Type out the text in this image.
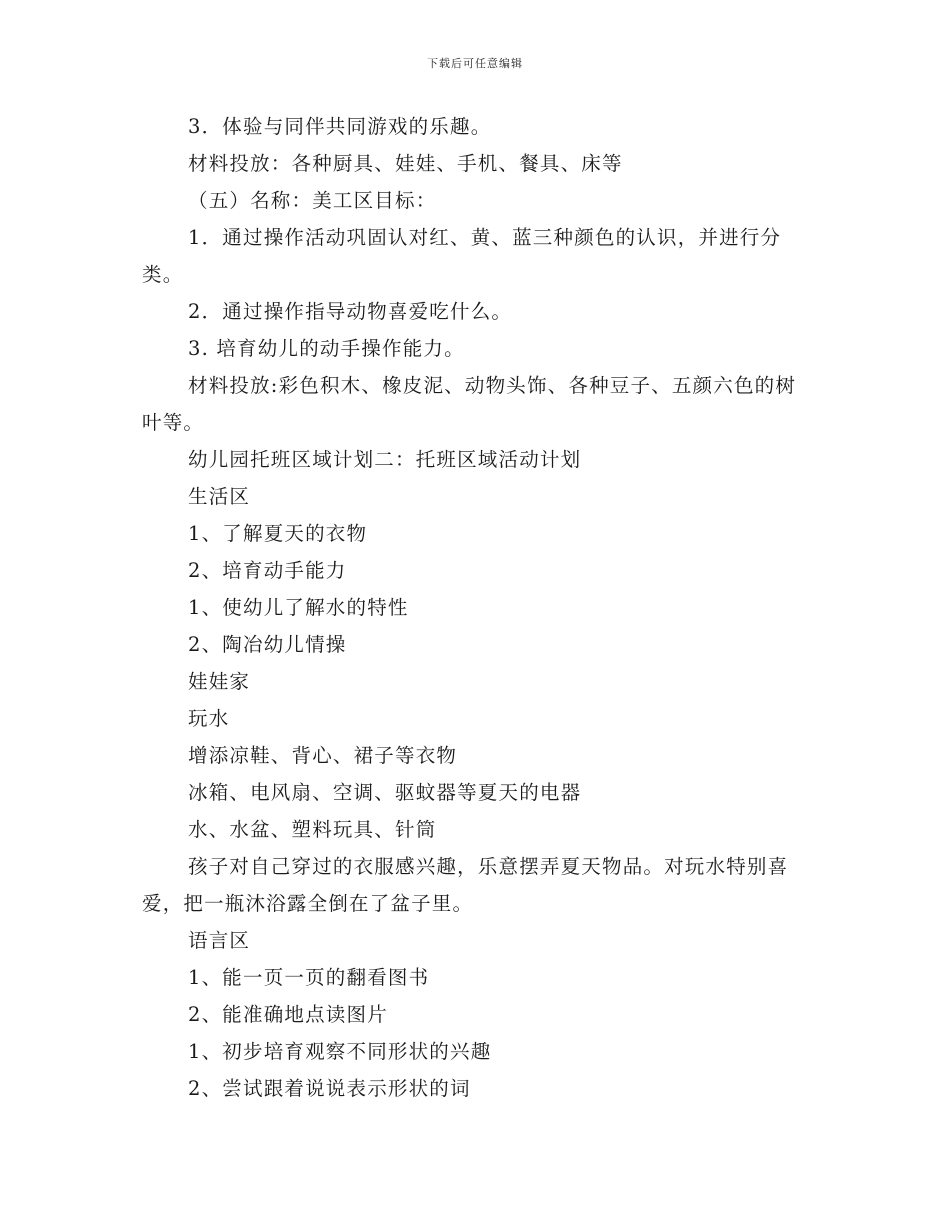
下载后可任意编辑

3．体验与同伴共同游戏的乐趣。

材料投放：各种厨具、娃娃、手机、餐具、床等

（五）名称：美工区目标：

1．通过操作活动巩固认对红、黄、蓝三种颜色的认识，并进行分类。

2．通过操作指导动物喜爱吃什么。

3. 培育幼儿的动手操作能力。

材料投放:彩色积木、橡皮泥、动物头饰、各种豆子、五颜六色的树叶等。

幼儿园托班区域计划二：托班区域活动计划

生活区

1、了解夏天的衣物

2、培育动手能力

1、使幼儿了解水的特性

2、陶冶幼儿情操

娃娃家

玩水

增添凉鞋、背心、裙子等衣物

冰箱、电风扇、空调、驱蚊器等夏天的电器

水、水盆、塑料玩具、针筒

孩子对自己穿过的衣服感兴趣，乐意摆弄夏天物品。对玩水特别喜爱，把一瓶沐浴露全倒在了盆子里。

语言区

1、能一页一页的翻看图书

2、能准确地点读图片

1、初步培育观察不同形状的兴趣

2、尝试跟着说说表示形状的词
